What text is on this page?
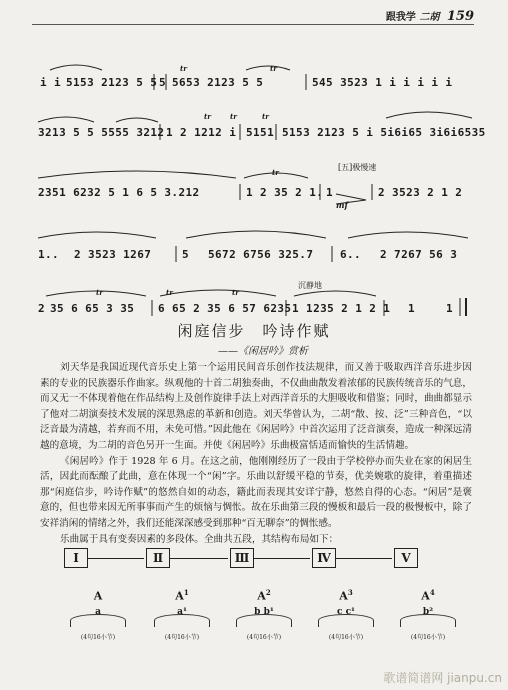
跟我学 二胡 159
tr	tr
i i 5153 2123 5 5 5 5653 2123 5 5	545 3523 1 i i i i i
tr	tr	tr
3213 5 5 5555 3212 1 2 1212 i 5151 5153 2123 5 i 5i6i65 3i6i6535
tr
[五]极慢速
mf
2351 6232 5 1 6 5 3.212	1 2 35 2 1. 1	2 3523 2 1 2
1.. 2 3523 1267	5 5672 6756 325.7 6.. 2 7267 56 3
tr	tr	tr
沉静地
2 35 6 65 3 35 6 65 2 35 6 57 6235 1 1235 2 1 2 1 1	1
闲庭信步　吟诗作赋
——《闲居吟》赏析

刘天华是我国近现代音乐史上第一个运用民间音乐创作技法规律，而又善于吸取西洋音乐进步因素的专业的民族器乐作曲家。纵观他的十首二胡独奏曲，不仅曲曲散发着浓郁的民族传统音乐的气息，而又无一不体现着他在作品结构上及创作旋律手法上对西洋音乐的大胆吸收和借鉴；同时，曲曲都显示了他对二胡演奏技术发展的深思熟虑的革新和创造。刘天华曾认为，二胡“散、按、泛”三种音色，“以泛音最为清越，若弃而不用，未免可惜。”因此他在《闲居吟》中首次运用了泛音演奏，造成一种深远清越的意境，为二胡的音色另开一生面。并使《闲居吟》乐曲极富恬适而愉快的生活情趣。

《闲居吟》作于 1928 年 6 月。在这之前，他刚刚经历了一段由于学校停办而失业在家的闲居生活，因此而酝酿了此曲，意在体现一个“闲”字。乐曲以舒缓平稳的节奏，优美婉歌的旋律，着重描述那“闲庭信步，吟诗作赋”的悠然自如的动态，籍此而表现其安详宁静，悠然自得的心态。“闲居”是褒意的，但也带来因无所事事而产生的烦恼与惆怅。故在乐曲第三段的慢板和最后一段的极慢板中，除了安祥消闲的情绪之外，我们还能深深感受到那种“百无聊奈”的惆怅感。

乐曲属于具有变奏因素的多段体。全曲共五段，其结构布局如下：

Ⅰ	Ⅱ	Ⅲ	Ⅳ	Ⅴ
A
a
(4句16小节)
$A^1$
a¹
(4句16小节)
$A^2$
b b¹
(4句16小节)
$A^3$
c c¹
(4句16小节)
$A^4$
b²
(4句16小节)
歌谱简谱网 jianpu.cn
